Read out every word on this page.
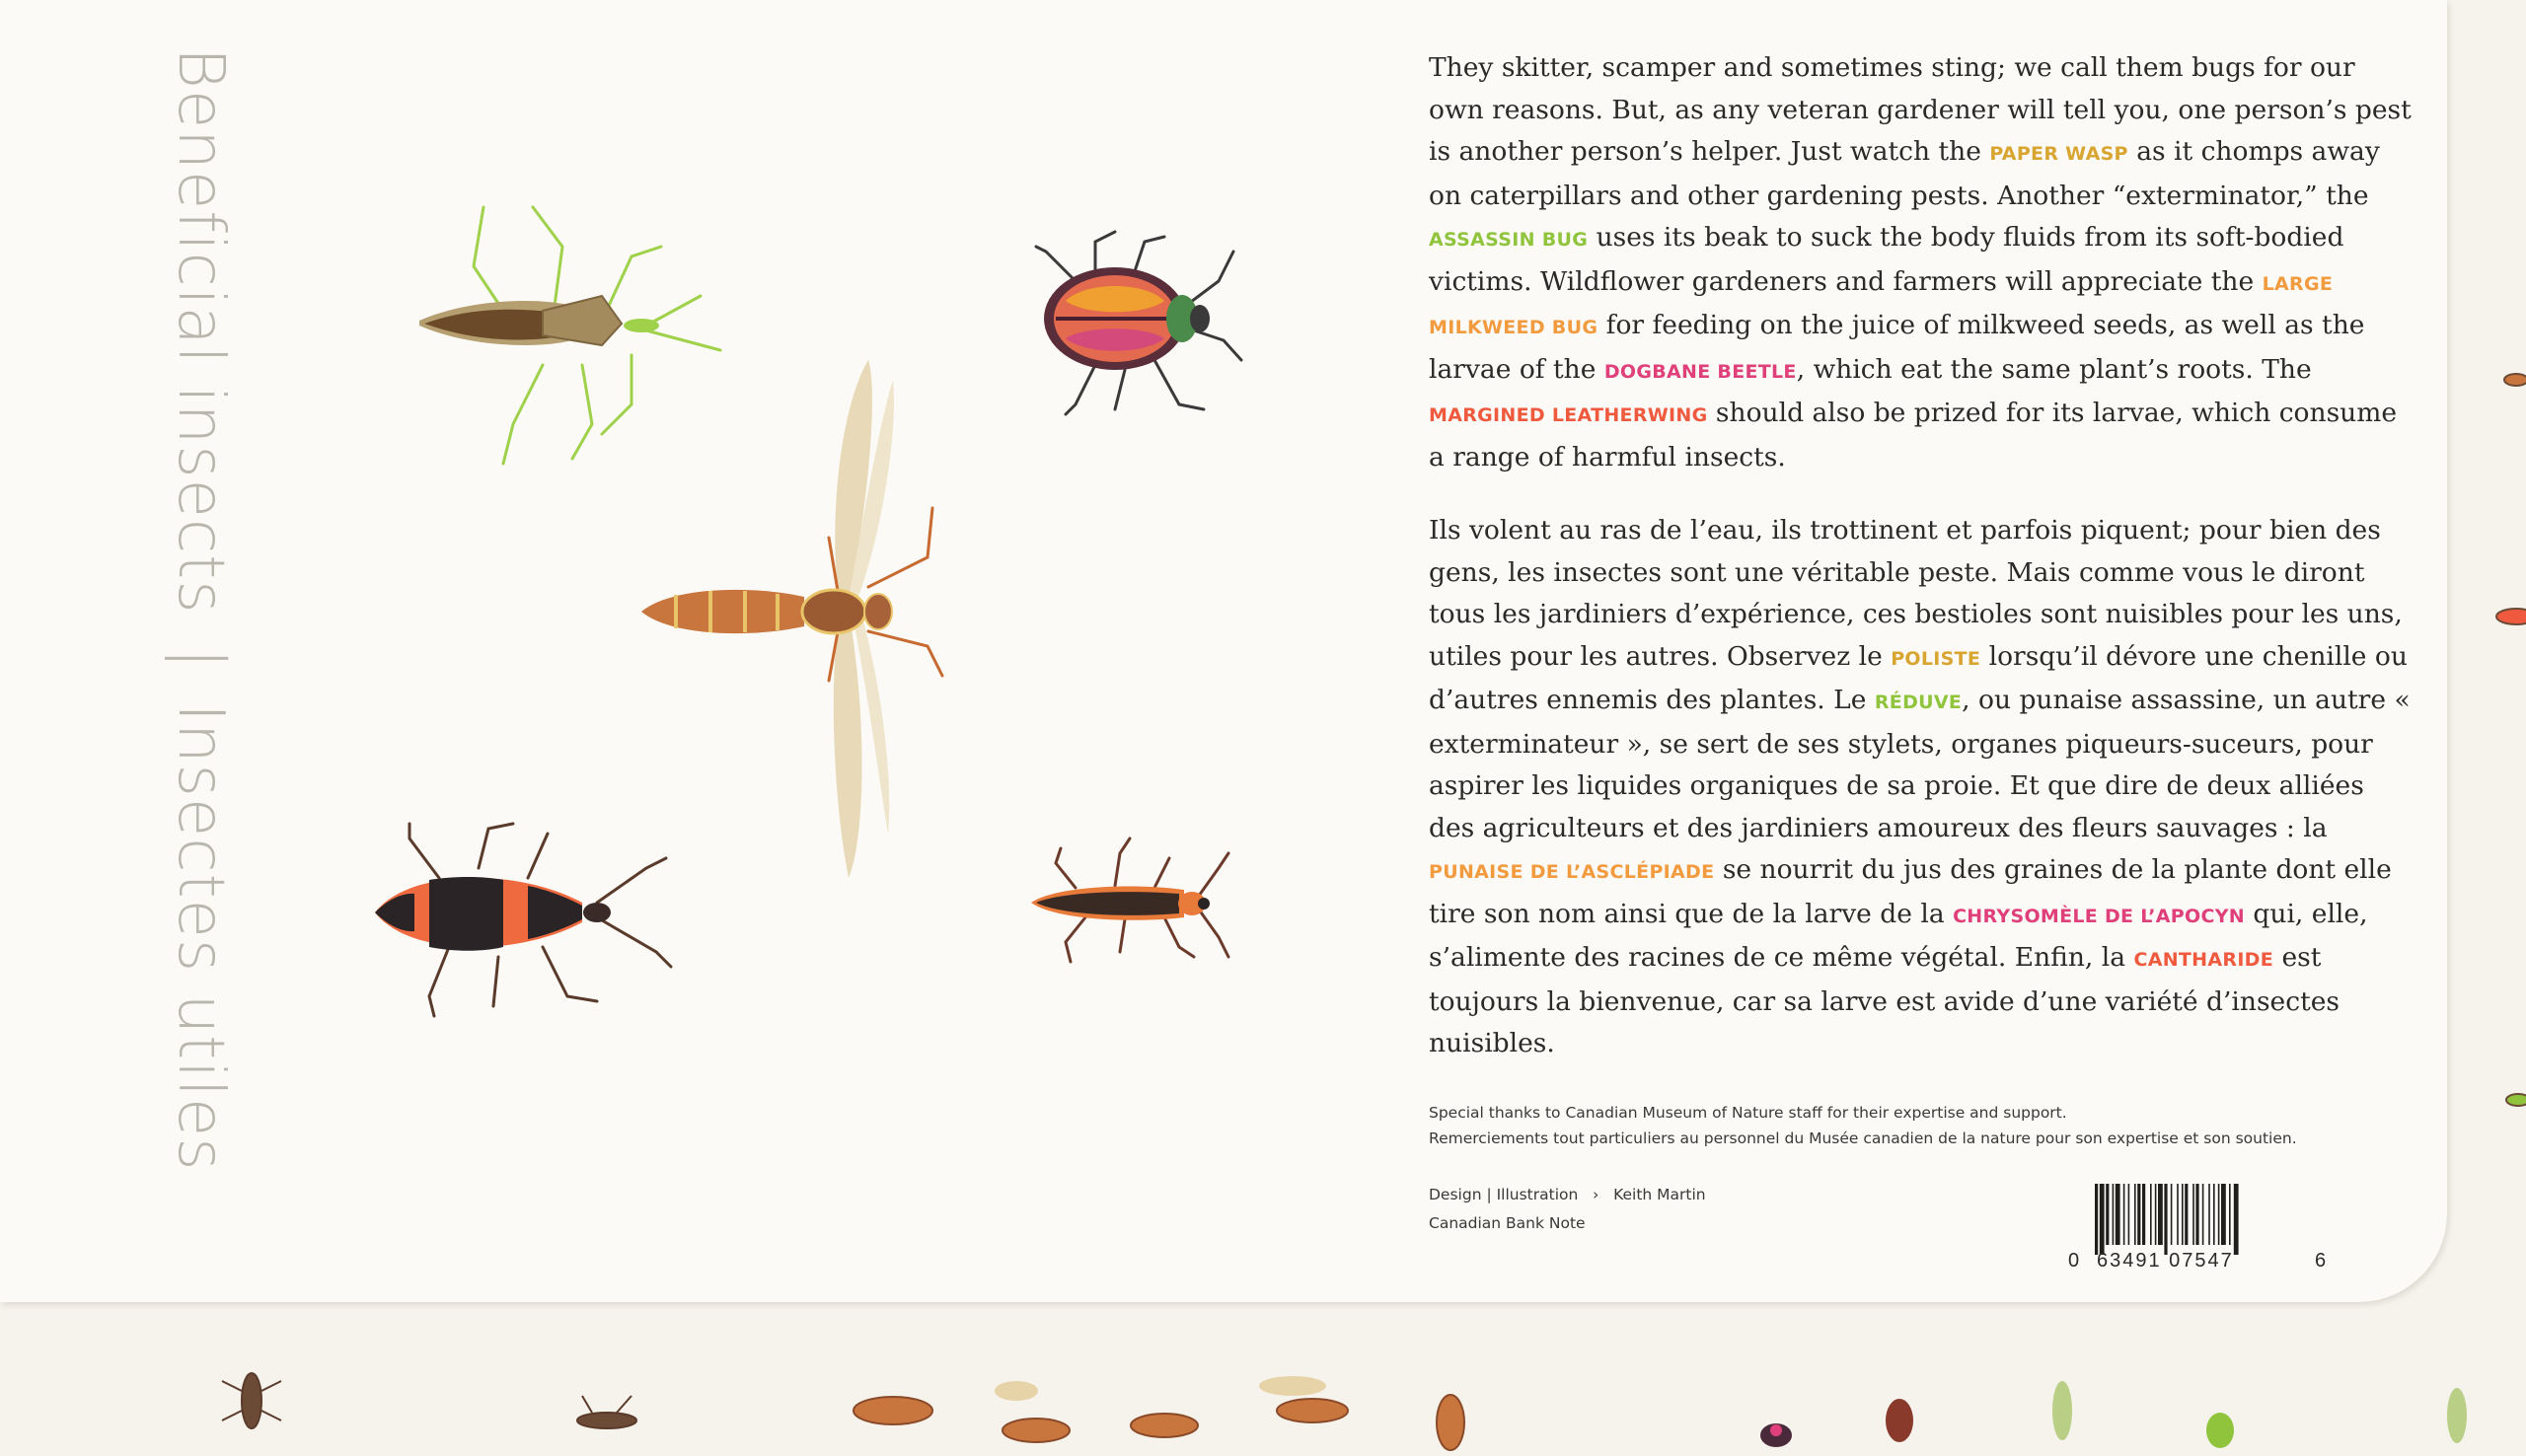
Beneficial insects|Insectes utiles
They skitter, scamper and sometimes sting; we call them bugs for our own reasons. But, as any veteran gardener will tell you, one person’s pest is another person’s helper. Just watch the PAPER WASP as it chomps away on caterpillars and other gardening pests. Another “exterminator,” the ASSASSIN BUG uses its beak to suck the body fluids from its soft-bodied victims. Wildflower gardeners and farmers will appreciate the LARGE MILKWEED BUG for feeding on the juice of milkweed seeds, as well as the larvae of the DOGBANE BEETLE, which eat the same plant’s roots. The MARGINED LEATHERWING should also be prized for its larvae, which consume a range of harmful insects.
Ils volent au ras de l’eau, ils trottinent et parfois piquent; pour bien des gens, les insectes sont une véritable peste. Mais comme vous le diront tous les jardiniers d’expérience, ces bestioles sont nuisibles pour les uns, utiles pour les autres. Observez le POLISTE lorsqu’il dévore une chenille ou d’autres ennemis des plantes. Le RÉDUVE, ou punaise assassine, un autre « exterminateur », se sert de ses stylets, organes piqueurs-suceurs, pour aspirer les liquides organiques de sa proie. Et que dire de deux alliées des agriculteurs et des jardiniers amoureux des fleurs sauvages : la PUNAISE DE L’ASCLÉPIADE se nourrit du jus des graines de la plante dont elle tire son nom ainsi que de la larve de la CHRYSOMÈLE DE L’APOCYN qui, elle, s’alimente des racines de ce même végétal. Enfin, la CANTHARIDE est toujours la bienvenue, car sa larve est avide d’une variété d’insectes nuisibles.
Special thanks to Canadian Museum of Nature staff for their expertise and support.
Remerciements tout particuliers au personnel du Musée canadien de la nature pour son expertise et son soutien.
Design | Illustration › Keith Martin
Canadian Bank Note
0 63491 07547	6
